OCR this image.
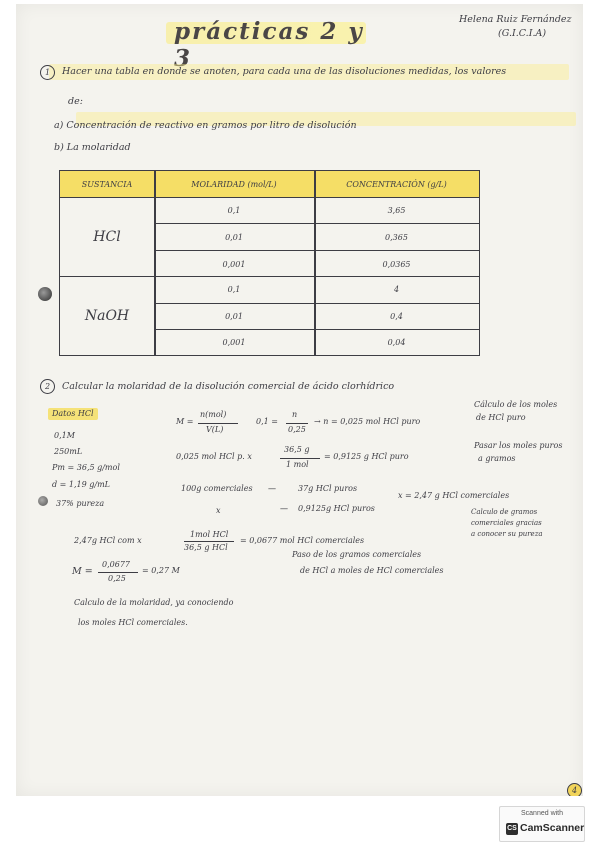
prácticas 2 y 3
Helena Ruiz Fernández
(G.I.C.I.A)
1	Hacer una tabla en donde se anoten, para cada una de las disoluciones medidas, los valores
de:
a) Concentración de reactivo en gramos por litro de disolución
b) La molaridad
SUSTANCIA	MOLARIDAD (mol/L)	CONCENTRACIÓN (g/L)
HCl
0,1	3,65
0,01	0,365
0,001	0,0365
NaOH
0,1	4
0,01	0,4
0,001	0,04
2	Calcular la molaridad de la disolución comercial de ácido clorhídrico
Datos HCl
0,1M
250mL
Pm = 36,5 g/mol
d = 1,19 g/mL
37% pureza
M =
n(mol)
V(L)
0,1 =
n
0,25
→ n = 0,025 mol HCl puro
0,025 mol HCl p. x
36,5 g
1 mol
= 0,9125 g HCl puro
100g comerciales —	37g HCl puros
x	— 0,9125g HCl puros
x = 2,47 g HCl comerciales
2,47g HCl com x
1mol HCl
36,5 g HCl
= 0,0677 mol HCl comerciales
Paso de los gramos comerciales
de HCl a moles de HCl comerciales
M =
0,0677
0,25
= 0,27 M
Calculo de la molaridad, ya conociendo
los moles HCl comerciales.
Cálculo de los moles
de HCl puro
Pasar los moles puros
a gramos
Calculo de gramos
comerciales gracias
a conocer su pureza
4
Scanned with
CS CamScanner
